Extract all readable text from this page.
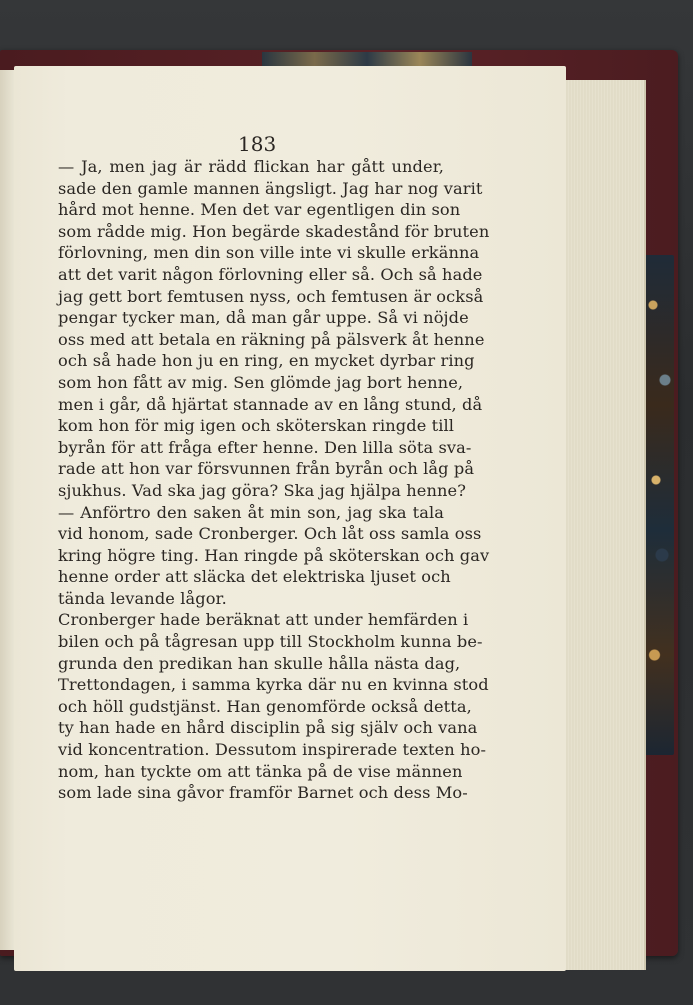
183
— Ja, men jag är rädd flickan har gått under,
sade den gamle mannen ängsligt. Jag har nog varit
hård mot henne. Men det var egentligen din son
som rådde mig. Hon begärde skadestånd för bruten
förlovning, men din son ville inte vi skulle erkänna
att det varit någon förlovning eller så. Och så hade
jag gett bort femtusen nyss, och femtusen är också
pengar tycker man, då man går uppe. Så vi nöjde
oss med att betala en räkning på pälsverk åt henne
och så hade hon ju en ring, en mycket dyrbar ring
som hon fått av mig. Sen glömde jag bort henne,
men i går, då hjärtat stannade av en lång stund, då
kom hon för mig igen och sköterskan ringde till
byrån för att fråga efter henne. Den lilla söta sva-
rade att hon var försvunnen från byrån och låg på
sjukhus. Vad ska jag göra? Ska jag hjälpa henne?
— Anförtro den saken åt min son, jag ska tala
vid honom, sade Cronberger. Och låt oss samla oss
kring högre ting. Han ringde på sköterskan och gav
henne order att släcka det elektriska ljuset och
tända levande lågor.
Cronberger hade beräknat att under hemfärden i
bilen och på tågresan upp till Stockholm kunna be-
grunda den predikan han skulle hålla nästa dag,
Trettondagen, i samma kyrka där nu en kvinna stod
och höll gudstjänst. Han genomförde också detta,
ty han hade en hård disciplin på sig själv och vana
vid koncentration. Dessutom inspirerade texten ho-
nom, han tyckte om att tänka på de vise männen
som lade sina gåvor framför Barnet och dess Mo-
